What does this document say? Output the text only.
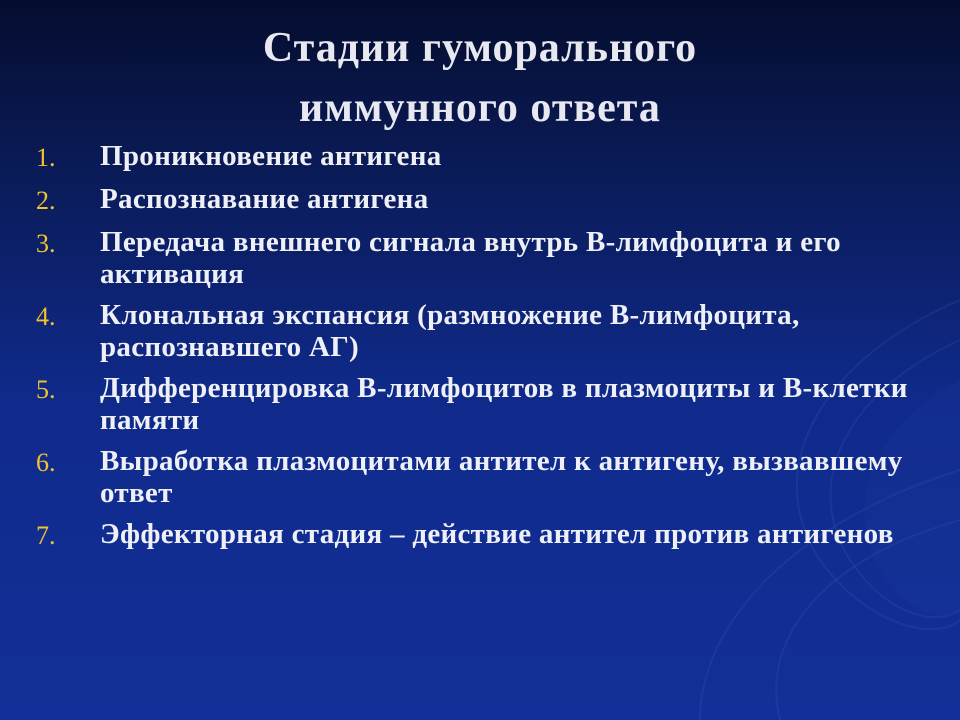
Стадии гуморального
иммунного ответа
1.	Проникновение антигена
2.	Распознавание антигена
3.	Передача внешнего сигнала внутрь В-лимфоцита и его активация
4.	Клональная экспансия (размножение В-лимфоцита, распознавшего АГ)
5.	Дифференцировка В-лимфоцитов в плазмоциты и В-клетки памяти
6.	Выработка плазмоцитами антител к антигену, вызвавшему ответ
7.	Эффекторная стадия – действие антител против антигенов
